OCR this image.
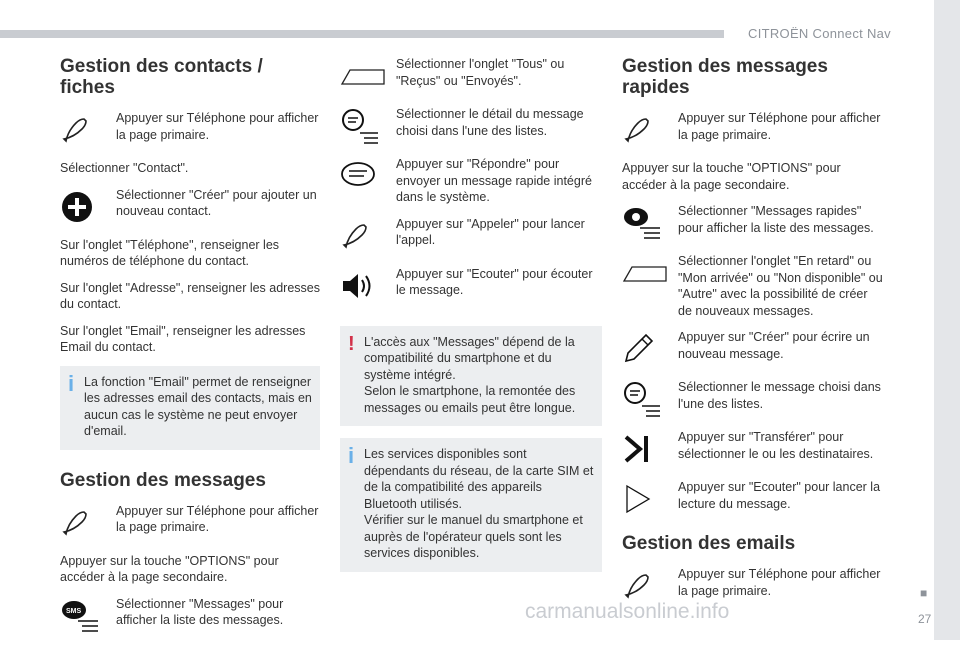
CITROËN Connect Nav
Gestion des contacts / fiches
Appuyer sur Téléphone pour afficher la page primaire.

Sélectionner "Contact".

Sélectionner "Créer" pour ajouter un nouveau contact.

Sur l'onglet "Téléphone", renseigner les numéros de téléphone du contact.

Sur l'onglet "Adresse", renseigner les adresses du contact.

Sur l'onglet "Email", renseigner les adresses Email du contact.

i La fonction "Email" permet de renseigner les adresses email des contacts, mais en aucun cas le système ne peut envoyer d'email.
Gestion des messages
Appuyer sur Téléphone pour afficher la page primaire.

Appuyer sur la touche "OPTIONS" pour accéder à la page secondaire.

SMS
Sélectionner "Messages" pour afficher la liste des messages.
Sélectionner l'onglet "Tous" ou "Reçus" ou "Envoyés".
Sélectionner le détail du message choisi dans l'une des listes.
Appuyer sur "Répondre" pour envoyer un message rapide intégré dans le système.
Appuyer sur "Appeler" pour lancer l'appel.
Appuyer sur "Ecouter" pour écouter le message.
! L'accès aux "Messages" dépend de la compatibilité du smartphone et du système intégré.
Selon le smartphone, la remontée des messages ou emails peut être longue.
i Les services disponibles sont dépendants du réseau, de la carte SIM et de la compatibilité des appareils Bluetooth utilisés.
Vérifier sur le manuel du smartphone et auprès de l'opérateur quels sont les services disponibles.
Gestion des messages rapides
Appuyer sur Téléphone pour afficher la page primaire.

Appuyer sur la touche "OPTIONS" pour accéder à la page secondaire.

Sélectionner "Messages rapides" pour afficher la liste des messages.
Sélectionner l'onglet "En retard" ou "Mon arrivée" ou "Non disponible" ou "Autre" avec la possibilité de créer de nouveaux messages.
Appuyer sur "Créer" pour écrire un nouveau message.
Sélectionner le message choisi dans l'une des listes.
Appuyer sur "Transférer" pour sélectionner le ou les destinataires.
Appuyer sur "Ecouter" pour lancer la lecture du message.
Gestion des emails
Appuyer sur Téléphone pour afficher la page primaire.	■
27
carmanualsonline.info
